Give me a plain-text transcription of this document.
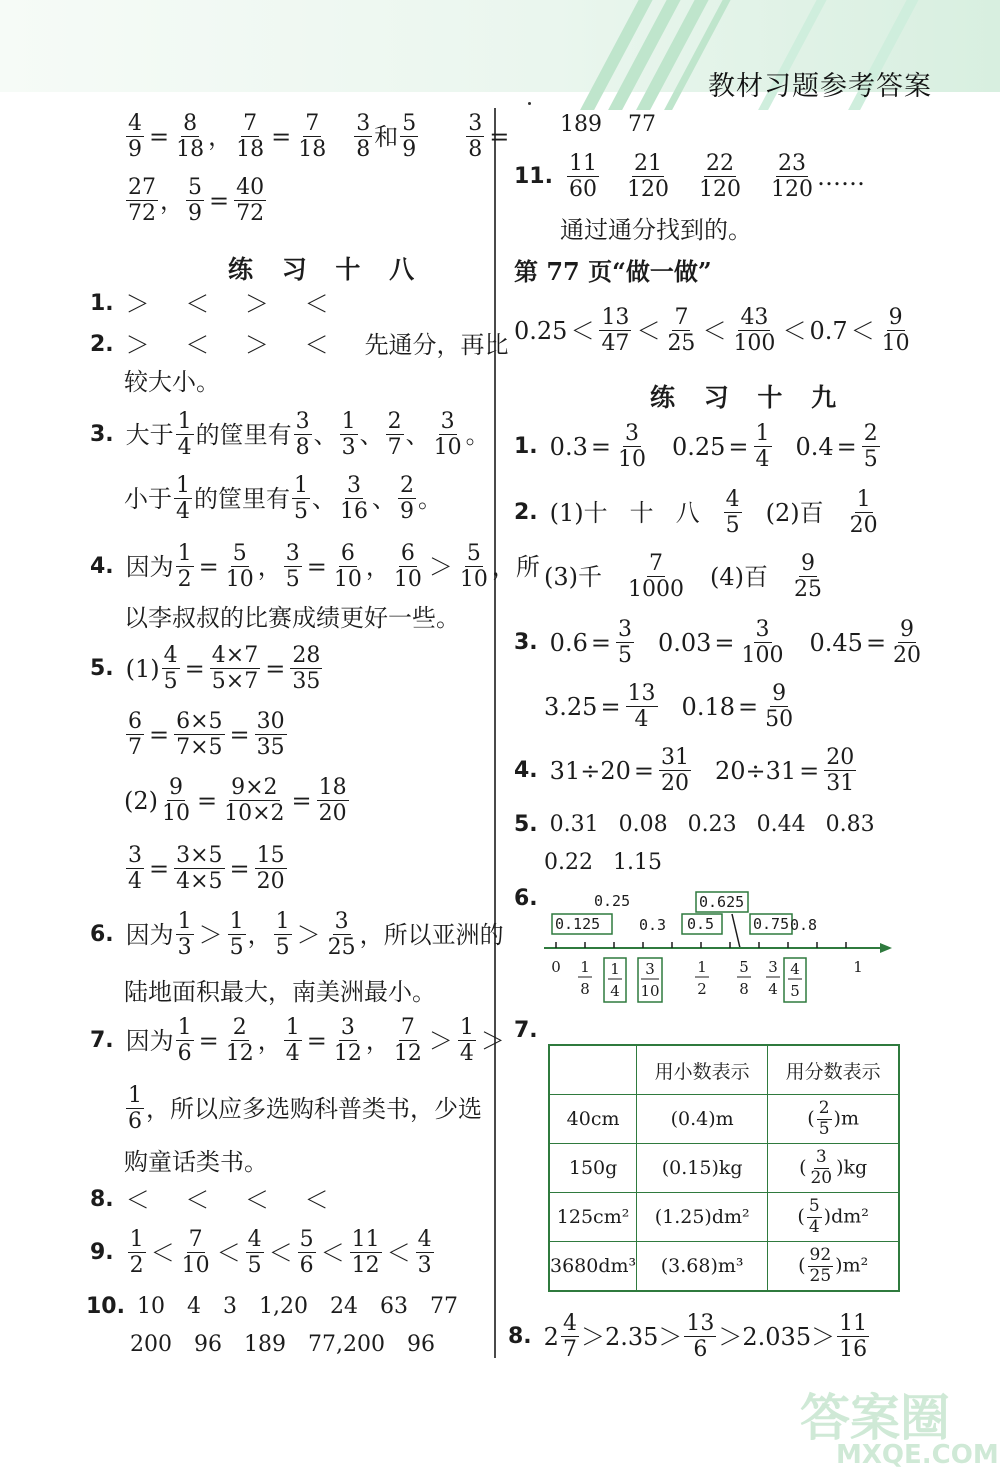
教材习题参考答案
$\frac{4}{9} = \frac{8}{18}$ ， $\frac{7}{18} = \frac{7}{18} 3$
8 和 5
$9 \frac{3}{8}$ =
27
72 ， $\frac{5}{9} = \frac{40}{72}$
练 习 十 八
1. ＞ ＜ ＞ ＜
2. ＞ ＜ ＞ ＜ 先通分，再比
较大小。
3. 大于 1
4 的筐里有 3
8 、 1
3 、 2
7 、 3
10 。
小于 1
4 的筐里有 1
5 、 3
16 、 2
9 。
4. 因为 $\frac{1}{2} = \frac{5}{10}$ ， $\frac{3}{5} = \frac{6}{10}$ ， 6
10 ＞ 5
10 ，所
以李叔叔的比赛成绩更好一些。
5. $(1) \frac{4}{5} = \frac{4\times 7}{5\times 7} = \frac{28}{35}$
$\frac{6}{7} = \frac{6\times 5}{7\times 5} = \frac{30}{35}$
$(2) \frac{9}{10} = \frac{9\times 2}{10\times 2} = \frac{18}{20}$
$\frac{3}{4} = \frac{3\times 5}{4\times 5} = \frac{15}{20}$
6. 因为 1
3 ＞ 1
5 ， 1
5 ＞ 3
25 ，所以亚洲的
陆地面积最大，南美洲最小。
7. 因为 $\frac{1}{6} = \frac{2}{12}$ ， $\frac{1}{4} = \frac{3}{12}$ ， 7
12 ＞ 1
4 ＞
1
6 ，所以应多选购科普类书，少选
购童话类书。
8. ＜ ＜ ＜ ＜
9.
1
2 ＜ 7
10 ＜ 4
5 ＜ 5
6 ＜ 11
12 ＜ 4
3
10. 10 4 3 1,20 24 63 77
200 96 189 77,200 96
189 77
11.
11
60
21
120
22
120
23
120 ……
通过通分找到的。
第 77 页“做一做”
0.25 ＜ 13
47 ＜ 7
25 ＜ 43
100 ＜ 0.7 ＜ 9
10
练 习 十 九
1. $0.3 = \frac{3}{10} 0.25 = \frac{1}{4} 0.4 = \frac{2}{5}$
2. (1)十 十 八 4
5 (2)百 1
20
(3)千 7
1000 (4)百 9
25
3. $0.6 = \frac{3}{5} 0.03 = \frac{3}{100} 0.45 = \frac{9}{20}$
$3.25 = \frac{13}{4} 0.18 = \frac{9}{50}$
4. $31\div 20 = \frac{31}{20} 20\div 31 = \frac{20}{31}$
5. 0.31 0.08 0.23 0.44 0.83
0.22 1.15
6.	0.25	0.625
0.125	0.3 0.5	0.75 0.8
0	1
1
8
1
4
3
10
1
2
5
8
3
4
4
5
7.
	用小数表示	用分数表示
40cm	(0.4)m	( $\frac{2}{5} )m$
150g	(0.15)kg	( $\frac{3}{20} )kg$
125cm²	(1.25)dm²	( $\frac{5}{4} )dm^2$
3680dm³	(3.68)m³	( $\frac{92}{25} )m^2$
8. 2 4
7 ＞2.35＞ 13
6 ＞2.035＞ 11
16
答案圈
MXQE.COM
